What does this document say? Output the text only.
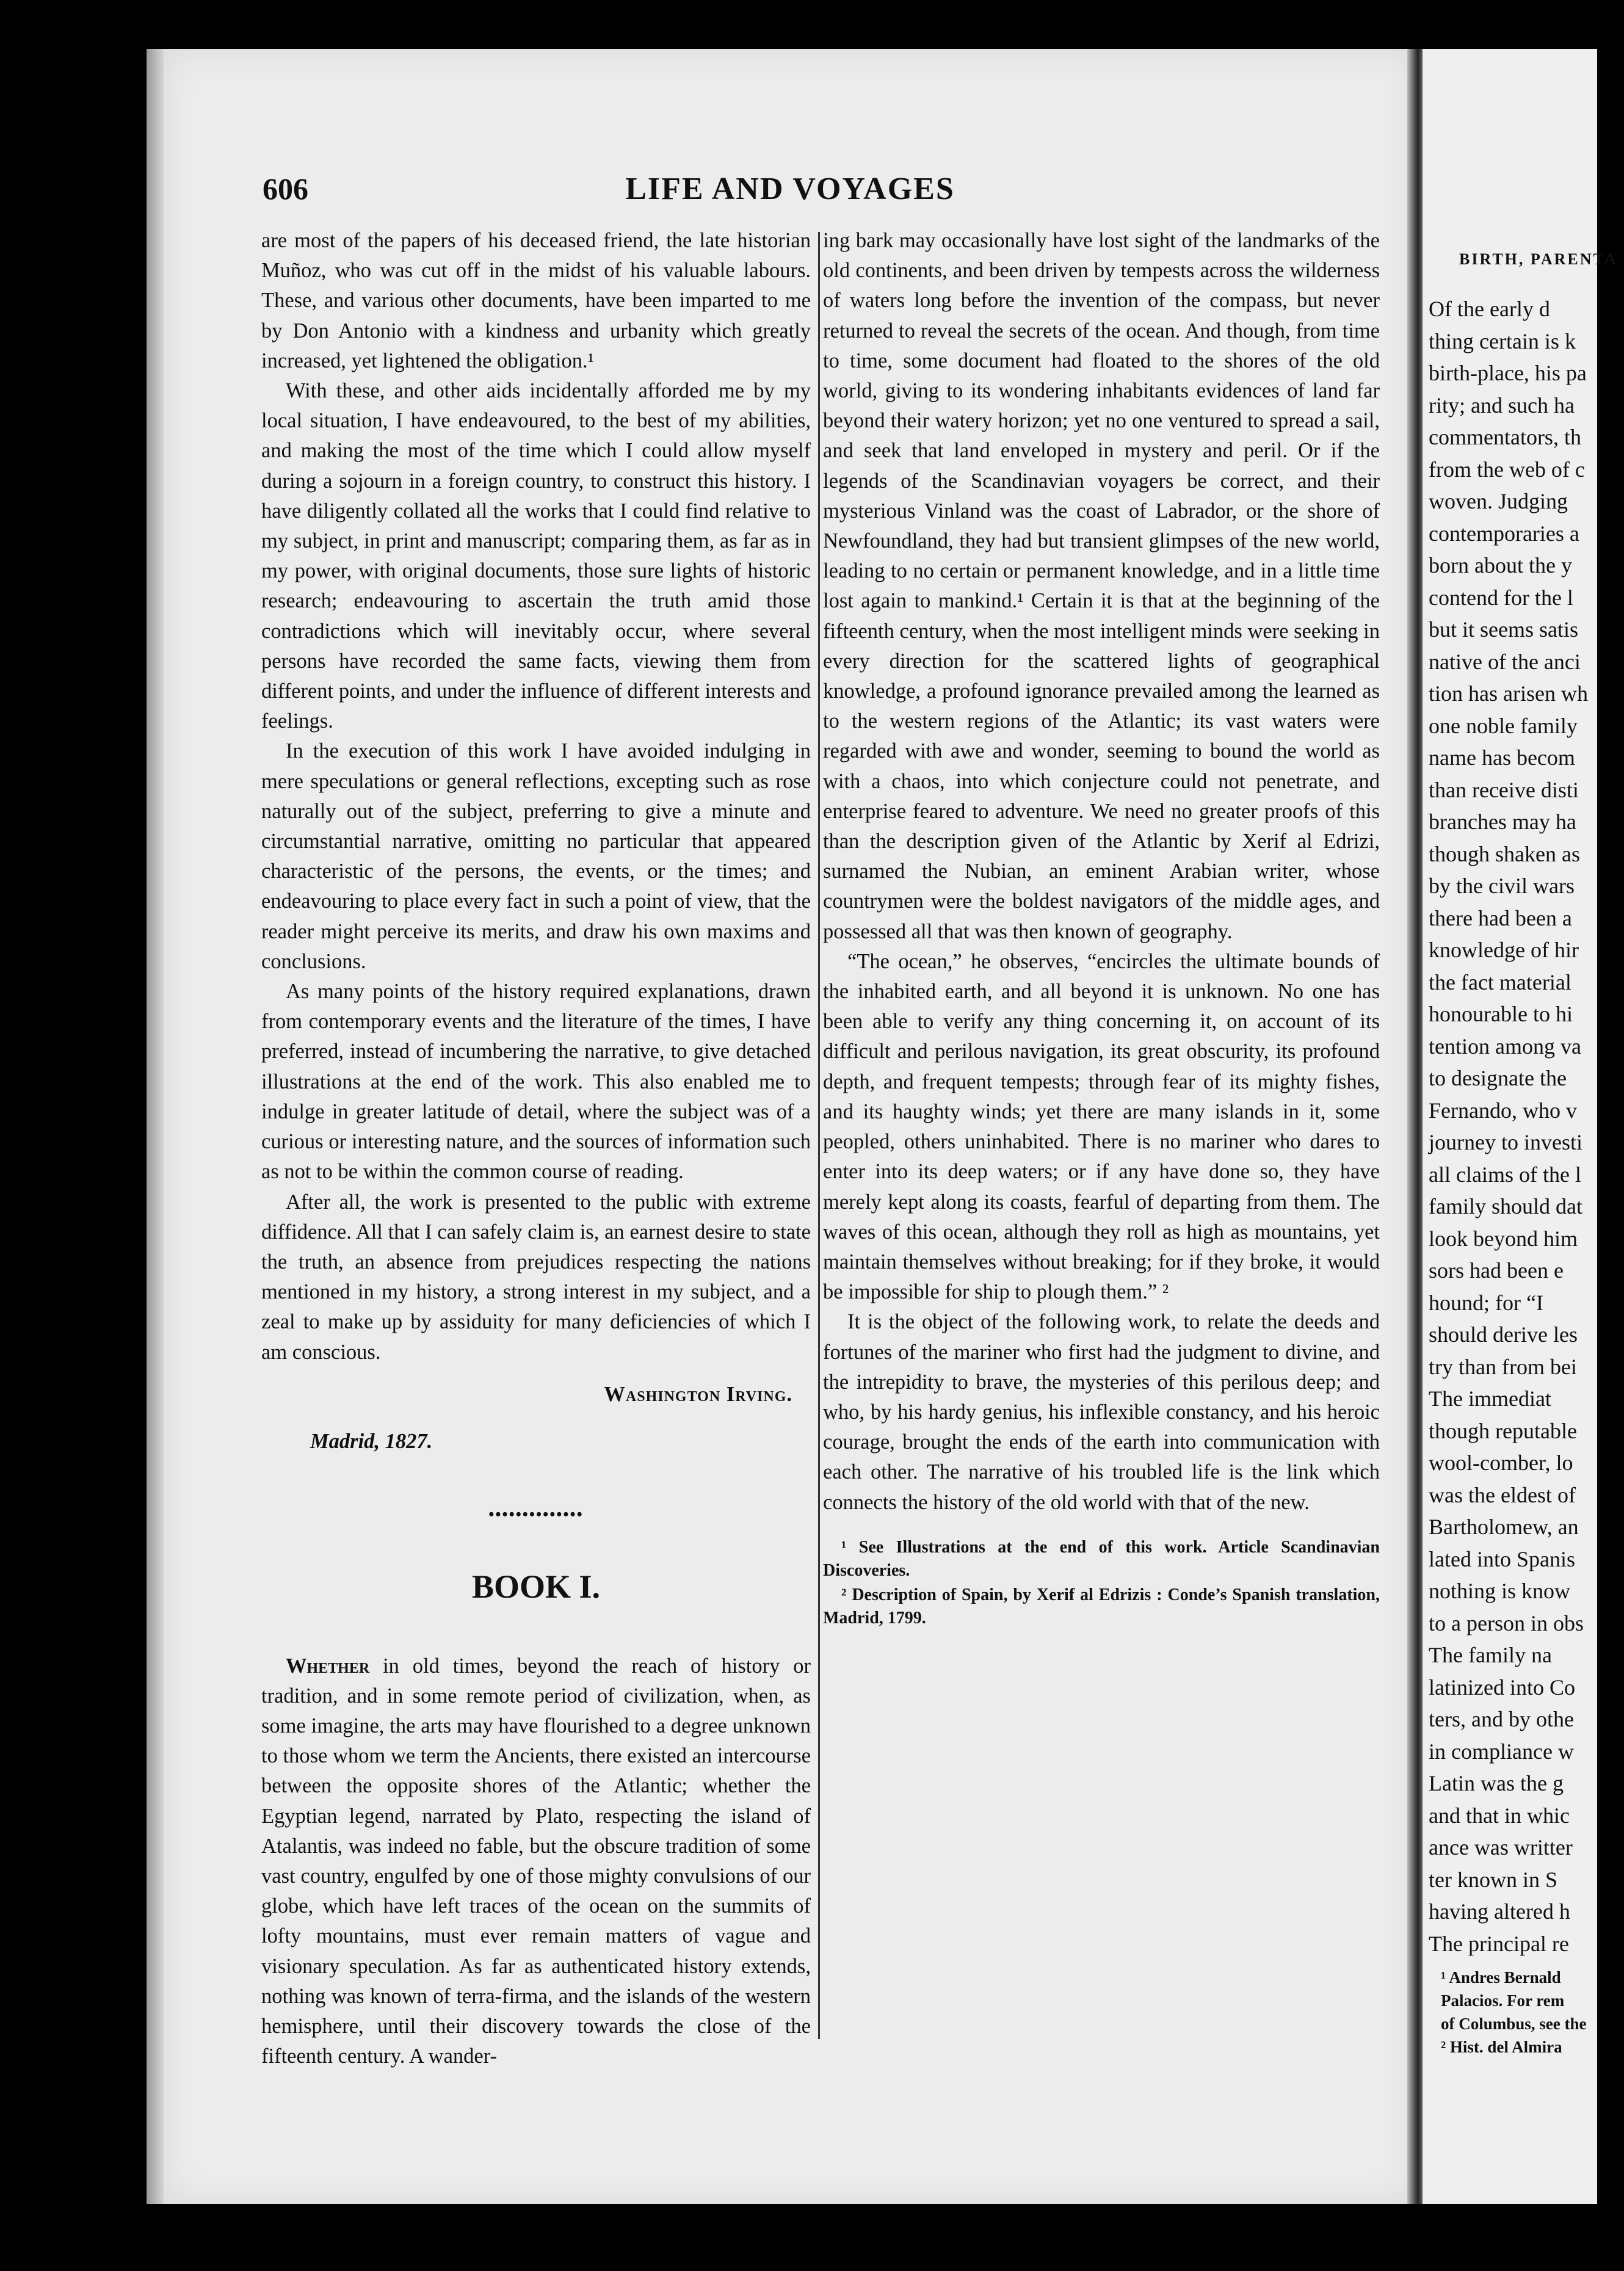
606	LIFE AND VOYAGES

are most of the papers of his deceased friend, the late historian Muñoz, who was cut off in the midst of his valuable labours. These, and various other documents, have been imparted to me by Don Antonio with a kindness and urbanity which greatly increased, yet lightened the obligation.¹

With these, and other aids incidentally afforded me by my local situation, I have endeavoured, to the best of my abilities, and making the most of the time which I could allow myself during a sojourn in a foreign country, to construct this history. I have diligently collated all the works that I could find relative to my subject, in print and manuscript; comparing them, as far as in my power, with original documents, those sure lights of historic research; endeavouring to ascertain the truth amid those contradictions which will inevitably occur, where several persons have recorded the same facts, viewing them from different points, and under the influence of different interests and feelings.

In the execution of this work I have avoided indulging in mere speculations or general reflections, excepting such as rose naturally out of the subject, preferring to give a minute and circumstantial narrative, omitting no particular that appeared characteristic of the persons, the events, or the times; and endeavouring to place every fact in such a point of view, that the reader might perceive its merits, and draw his own maxims and conclusions.

As many points of the history required explanations, drawn from contemporary events and the literature of the times, I have preferred, instead of incumbering the narrative, to give detached illustrations at the end of the work. This also enabled me to indulge in greater latitude of detail, where the subject was of a curious or interesting nature, and the sources of information such as not to be within the common course of reading.

After all, the work is presented to the public with extreme diffidence. All that I can safely claim is, an earnest desire to state the truth, an absence from prejudices respecting the nations mentioned in my history, a strong interest in my subject, and a zeal to make up by assiduity for many deficiencies of which I am conscious.

Washington Irving.
Madrid, 1827.
••••••••••••••
BOOK I.

Whether in old times, beyond the reach of history or tradition, and in some remote period of civilization, when, as some imagine, the arts may have flourished to a degree unknown to those whom we term the Ancients, there existed an intercourse between the opposite shores of the Atlantic; whether the Egyptian legend, narrated by Plato, respecting the island of Atalantis, was indeed no fable, but the obscure tradition of some vast country, engulfed by one of those mighty convulsions of our globe, which have left traces of the ocean on the summits of lofty mountains, must ever remain matters of vague and visionary speculation. As far as authenticated history extends, nothing was known of terra-firma, and the islands of the western hemisphere, until their discovery towards the close of the fifteenth century. A wander-

ing bark may occasionally have lost sight of the landmarks of the old continents, and been driven by tempests across the wilderness of waters long before the invention of the compass, but never returned to reveal the secrets of the ocean. And though, from time to time, some document had floated to the shores of the old world, giving to its wondering inhabitants evidences of land far beyond their watery horizon; yet no one ventured to spread a sail, and seek that land enveloped in mystery and peril. Or if the legends of the Scandinavian voyagers be correct, and their mysterious Vinland was the coast of Labrador, or the shore of Newfoundland, they had but transient glimpses of the new world, leading to no certain or permanent knowledge, and in a little time lost again to mankind.¹ Certain it is that at the beginning of the fifteenth century, when the most intelligent minds were seeking in every direction for the scattered lights of geographical knowledge, a profound ignorance prevailed among the learned as to the western regions of the Atlantic; its vast waters were regarded with awe and wonder, seeming to bound the world as with a chaos, into which conjecture could not penetrate, and enterprise feared to adventure. We need no greater proofs of this than the description given of the Atlantic by Xerif al Edrizi, surnamed the Nubian, an eminent Arabian writer, whose countrymen were the boldest navigators of the middle ages, and possessed all that was then known of geography.

“The ocean,” he observes, “encircles the ultimate bounds of the inhabited earth, and all beyond it is unknown. No one has been able to verify any thing concerning it, on account of its difficult and perilous navigation, its great obscurity, its profound depth, and frequent tempests; through fear of its mighty fishes, and its haughty winds; yet there are many islands in it, some peopled, others uninhabited. There is no mariner who dares to enter into its deep waters; or if any have done so, they have merely kept along its coasts, fearful of departing from them. The waves of this ocean, although they roll as high as mountains, yet maintain themselves without breaking; for if they broke, it would be impossible for ship to plough them.” ²

It is the object of the following work, to relate the deeds and fortunes of the mariner who first had the judgment to divine, and the intrepidity to brave, the mysteries of this perilous deep; and who, by his hardy genius, his inflexible constancy, and his heroic courage, brought the ends of the earth into communication with each other. The narrative of his troubled life is the link which connects the history of the old world with that of the new.

¹ See Illustrations at the end of this work. Article Scandinavian Discoveries.

² Description of Spain, by Xerif al Edrizis : Conde’s Spanish translation, Madrid, 1799.

BIRTH, PARENTA

Of the early d

thing certain is k

birth-place, his pa

rity; and such ha

commentators, th

from the web of c

woven. Judging

contemporaries a

born about the y

contend for the l

but it seems satis

native of the anci

tion has arisen wh

one noble family

name has becom

than receive disti

branches may ha

though shaken as

by the civil wars

there had been a

knowledge of hir

the fact material

honourable to hi

tention among va

to designate the

Fernando, who v

journey to investi

all claims of the l

family should dat

look beyond him

sors had been e

hound; for “I

should derive les

try than from bei

The immediat

though reputable

wool-comber, lo

was the eldest of

Bartholomew, an

lated into Spanis

nothing is know

to a person in obs

The family na

latinized into Co

ters, and by othe

in compliance w

Latin was the g

and that in whic

ance was writter

ter known in S

having altered h

The principal re

¹ Andres Bernald

Palacios. For rem

of Columbus, see the

² Hist. del Almira
